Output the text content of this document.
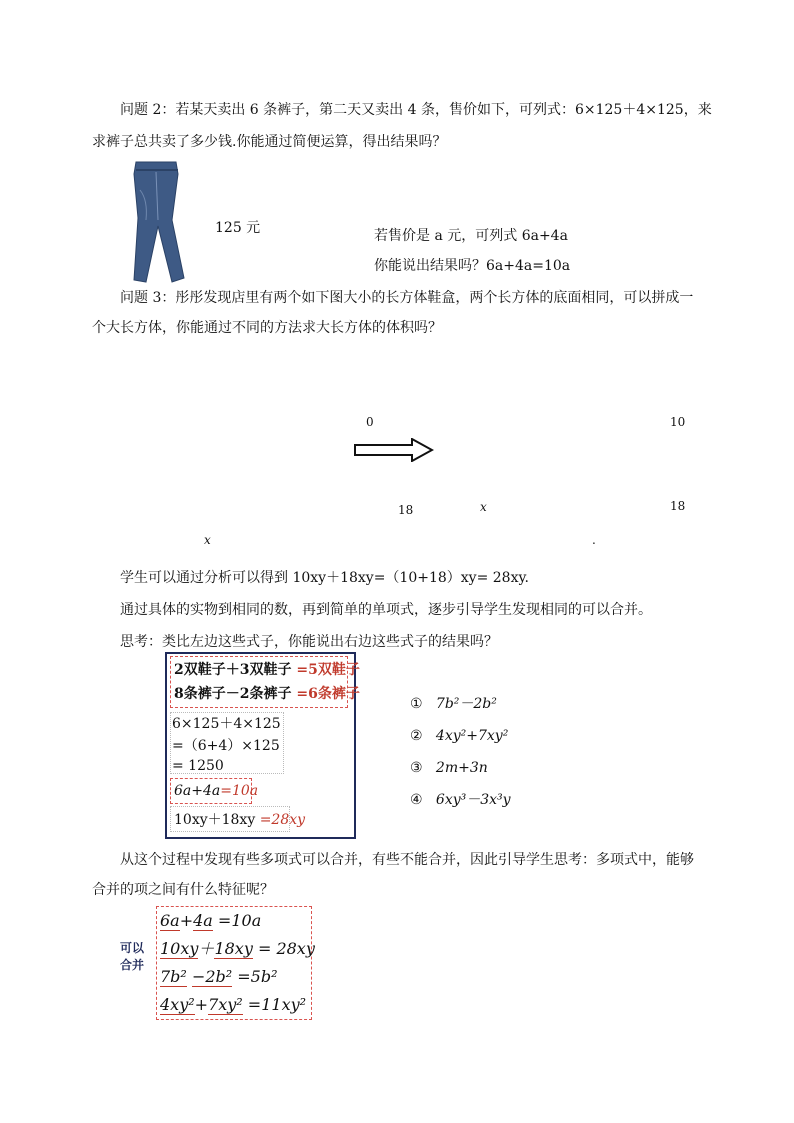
问题 2：若某天卖出 6 条裤子，第二天又卖出 4 条，售价如下，可列式：6×125＋4×125，来
求裤子总共卖了多少钱.你能通过简便运算，得出结果吗？
125 元	若售价是 a 元，可列式 6a+4a
你能说出结果吗？6a+4a=10a
问题 3：彤彤发现店里有两个如下图大小的长方体鞋盒，两个长方体的底面相同，可以拼成一
个大长方体，你能通过不同的方法求大长方体的体积吗？
0	10
18	x	18
x	.
学生可以通过分析可以得到 10xy＋18xy=（10+18）xy= 28xy.
通过具体的实物到相同的数，再到简单的单项式，逐步引导学生发现相同的可以合并。
思考：类比左边这些式子，你能说出右边这些式子的结果吗？
2双鞋子＋3双鞋子 =5双鞋子
8条裤子－2条裤子 =6条裤子
6×125＋4×125
=（6+4）×125
= 1250
6a+4a=10a
10xy＋18xy =28xy
① 7b²－2b²
② 4xy²+7xy²
③ 2m+3n
④ 6xy³－3x³y
从这个过程中发现有些多项式可以合并，有些不能合并，因此引导学生思考：多项式中，能够
合并的项之间有什么特征呢？
可以
合并
6a+4a =10a
10xy＋18xy = 28xy
7b² −2b² =5b²
4xy²+7xy² =11xy²
